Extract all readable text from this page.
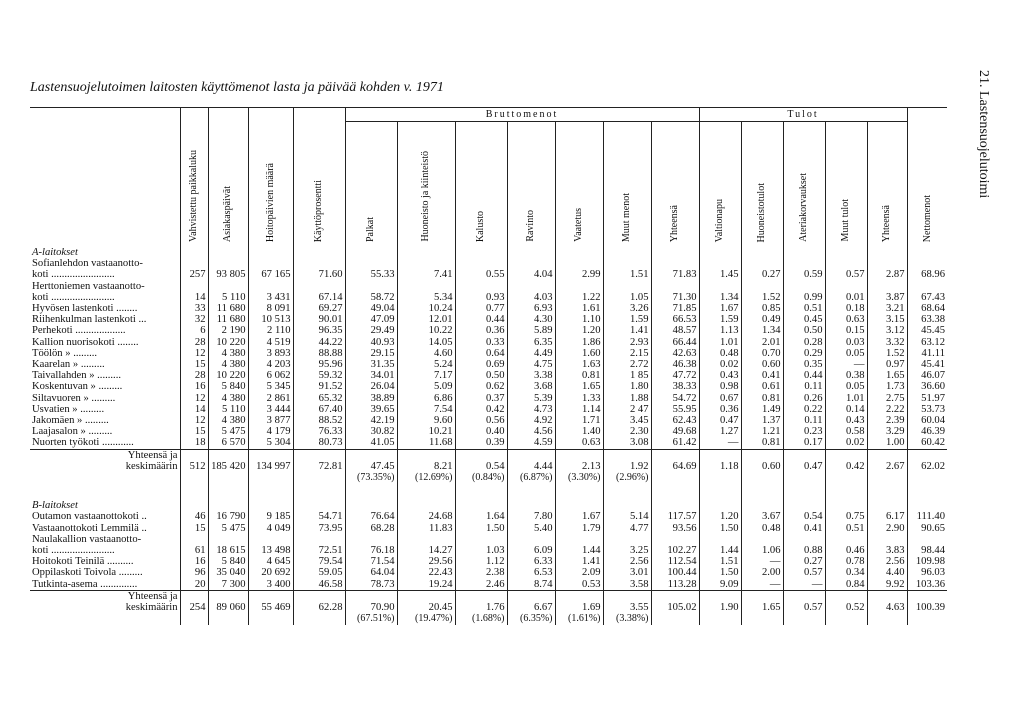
Lastensuojelutoimen laitosten käyttömenot lasta ja päivää kohden v. 1971	21. Lastensuojelutoimi

	Vahvistettu paikkaluku	Asiakaspäivät	Hoitopäivien määrä	Käyttöprosentti	Bruttomenot							Tulot					Nettomenot

					Palkat	Huoneisto ja kiinteistö	Kalusto	Ravinto	Vaatetus	Muut menot	Yhteensä	Valtionapu	Huoneistotulot	Ateriakorvaukset	Muut tulot	Yhteensä	

A-laitokset																	
Sofianlehdon vastaanotto-																	
koti ........................	257	93 805	67 165	71.60	55.33	7.41	0.55	4.04	2.99	1.51	71.83	1.45	0.27	0.59	0.57	2.87	68.96
Herttoniemen vastaanotto-																	
koti ........................	14	5 110	3 431	67.14	58.72	5.34	0.93	4.03	1.22	1.05	71.30	1.34	1.52	0.99	0.01	3.87	67.43
Hyvösen lastenkoti ........	33	11 680	8 091	69.27	49.04	10.24	0.77	6.93	1.61	3.26	71.85	1.67	0.85	0.51	0.18	3.21	68.64
Riihenkulman lastenkoti ...	32	11 680	10 513	90.01	47.09	12.01	0.44	4.30	1.10	1.59	66.53	1.59	0.49	0.45	0.63	3.15	63.38
Perhekoti ...................	6	2 190	2 110	96.35	29.49	10.22	0.36	5.89	1.20	1.41	48.57	1.13	1.34	0.50	0.15	3.12	45.45
Kallion nuorisokoti ........	28	10 220	4 519	44.22	40.93	14.05	0.33	6.35	1.86	2.93	66.44	1.01	2.01	0.28	0.03	3.32	63.12
Töölön » .........	12	4 380	3 893	88.88	29.15	4.60	0.64	4.49	1.60	2.15	42.63	0.48	0.70	0.29	0.05	1.52	41.11
Kaarelan » .........	15	4 380	4 203	95.96	31.35	5.24	0.69	4.75	1.63	2.72	46.38	0.02	0.60	0.35	—	0.97	45.41
Taivallahden » .........	28	10 220	6 062	59.32	34.01	7.17	0.50	3.38	0.81	1 85	47.72	0.43	0.41	0.44	0.38	1.65	46.07
Koskentuvan » .........	16	5 840	5 345	91.52	26.04	5.09	0.62	3.68	1.65	1.80	38.33	0.98	0.61	0.11	0.05	1.73	36.60
Siltavuoren » .........	12	4 380	2 861	65.32	38.89	6.86	0.37	5.39	1.33	1.88	54.72	0.67	0.81	0.26	1.01	2.75	51.97
Usvatien » .........	14	5 110	3 444	67.40	39.65	7.54	0.42	4.73	1.14	2 47	55.95	0.36	1.49	0.22	0.14	2.22	53.73
Jakomäen » .........	12	4 380	3 877	88.52	42.19	9.60	0.56	4.92	1.71	3.45	62.43	0.47	1.37	0.11	0.43	2.39	60.04
Laajasalon » .........	15	5 475	4 179	76.33	30.82	10.21	0.40	4.56	1.40	2.30	49.68	1.27	1.21	0.23	0.58	3.29	46.39
Nuorten työkoti ............	18	6 570	5 304	80.73	41.05	11.68	0.39	4.59	0.63	3.08	61.42	—	0.81	0.17	0.02	1.00	60.42
Yhteensä ja																	
keskimäärin	512	185 420	134 997	72.81	47.45	8.21	0.54	4.44	2.13	1.92	64.69	1.18	0.60	0.47	0.42	2.67	62.02
					(73.35%)	(12.69%)	(0.84%)	(6.87%)	(3.30%)	(2.96%)							

B-laitokset																	
Outamon vastaanottokoti ..	46	16 790	9 185	54.71	76.64	24.68	1.64	7.80	1.67	5.14	117.57	1.20	3.67	0.54	0.75	6.17	111.40
Vastaanottokoti Lemmilä ..	15	5 475	4 049	73.95	68.28	11.83	1.50	5.40	1.79	4.77	93.56	1.50	0.48	0.41	0.51	2.90	90.65
Naulakallion vastaanotto-																	
koti ........................	61	18 615	13 498	72.51	76.18	14.27	1.03	6.09	1.44	3.25	102.27	1.44	1.06	0.88	0.46	3.83	98.44
Hoitokoti Teinilä ..........	16	5 840	4 645	79.54	71.54	29.56	1.12	6.33	1.41	2.56	112.54	1.51	—	0.27	0.78	2.56	109.98
Oppilaskoti Toivola .........	96	35 040	20 692	59.05	64.04	22.43	2.38	6.53	2.09	3.01	100.44	1.50	2.00	0.57	0.34	4.40	96.03
Tutkinta-asema ..............	20	7 300	3 400	46.58	78.73	19.24	2.46	8.74	0.53	3.58	113.28	9.09	—	—	0.84	9.92	103.36
Yhteensä ja																	
keskimäärin	254	89 060	55 469	62.28	70.90	20.45	1.76	6.67	1.69	3.55	105.02	1.90	1.65	0.57	0.52	4.63	100.39
					(67.51%)	(19.47%)	(1.68%)	(6.35%)	(1.61%)	(3.38%)							
